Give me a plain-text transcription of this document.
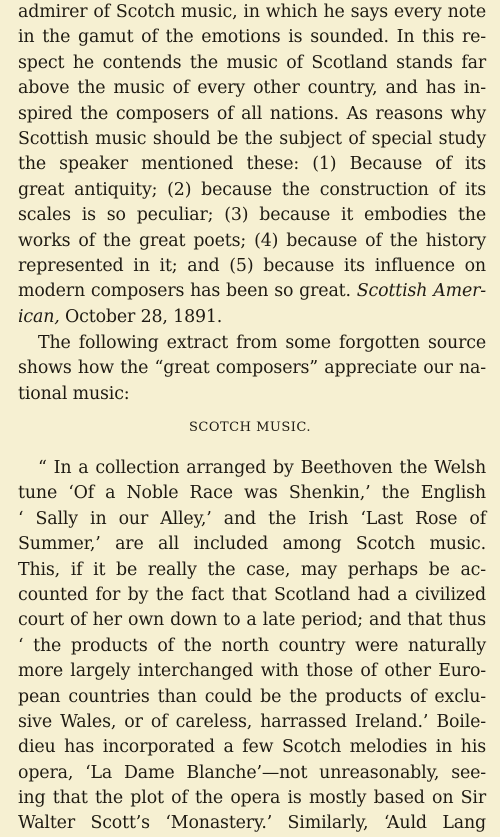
admirer of Scotch music, in which he says every note
in the gamut of the emotions is sounded. In this re-
spect he contends the music of Scotland stands far
above the music of every other country, and has in-
spired the composers of all nations. As reasons why
Scottish music should be the subject of special study
the speaker mentioned these: (1) Because of its
great antiquity; (2) because the construction of its
scales is so peculiar; (3) because it embodies the
works of the great poets; (4) because of the history
represented in it; and (5) because its influence on
modern composers has been so great. Scottish Amer-
ican, October 28, 1891.
The following extract from some forgotten source
shows how the “great composers” appreciate our na-
tional music:
SCOTCH MUSIC.
“ In a collection arranged by Beethoven the Welsh
tune ‘Of a Noble Race was Shenkin,’ the English
‘ Sally in our Alley,’ and the Irish ‘Last Rose of
Summer,’ are all included among Scotch music.
This, if it be really the case, may perhaps be ac-
counted for by the fact that Scotland had a civilized
court of her own down to a late period; and that thus
‘ the products of the north country were naturally
more largely interchanged with those of other Euro-
pean countries than could be the products of exclu-
sive Wales, or of careless, harrassed Ireland.’ Boile-
dieu has incorporated a few Scotch melodies in his
opera, ‘La Dame Blanche’—not unreasonably, see-
ing that the plot of the opera is mostly based on Sir
Walter Scott’s ‘Monastery.’ Similarly, ‘Auld Lang
